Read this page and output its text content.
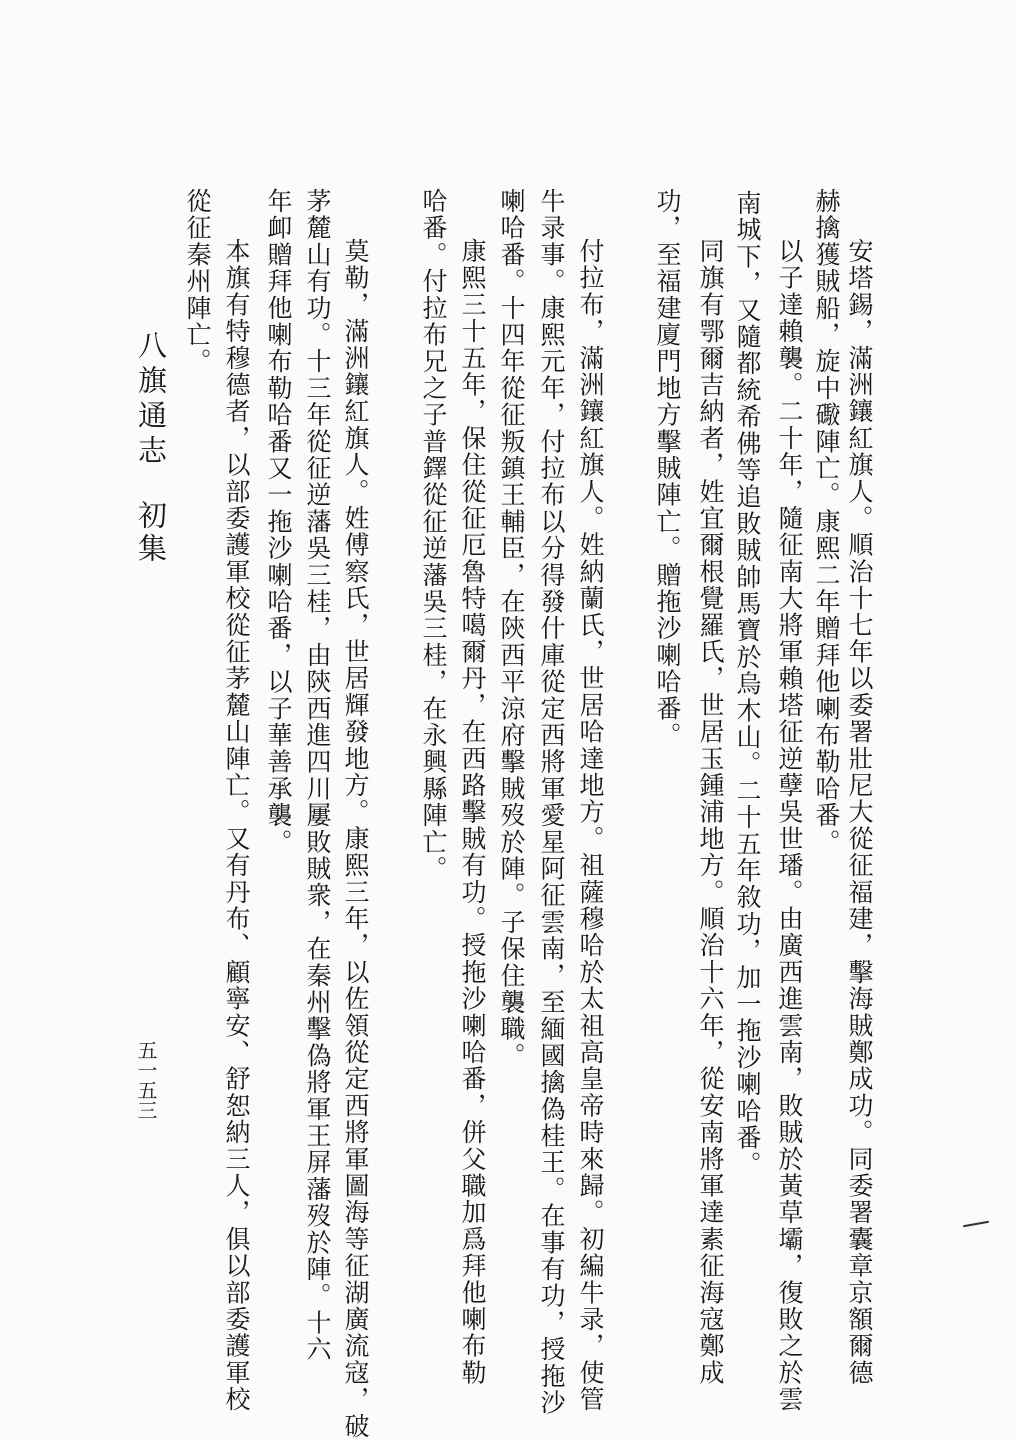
安塔錫，滿洲鑲紅旗人。順治十七年以委署壯尼大從征福建，擊海賊鄭成功。同委署囊章京額爾德
赫擒獲賊船，旋中礮陣亡。康熙二年贈拜他喇布勒哈番。
以子達賴襲。二十年，隨征南大將軍賴塔征逆孽吳世璠。由廣西進雲南，敗賊於黃草壩，復敗之於雲
南城下，又隨都統希佛等追敗賊帥馬寶於烏木山。二十五年敘功，加一拖沙喇哈番。
同旗有鄂爾吉納者，姓宜爾根覺羅氏，世居玉鍾浦地方。順治十六年，從安南將軍達素征海寇鄭成
功，至福建廈門地方擊賊陣亡。贈拖沙喇哈番。
付拉布，滿洲鑲紅旗人。姓納蘭氏，世居哈達地方。祖薩穆哈於太祖高皇帝時來歸。初編牛录，使管
牛录事。康熙元年，付拉布以分得發什庫從定西將軍愛星阿征雲南，至緬國擒偽桂王。在事有功，授拖沙
喇哈番。十四年從征叛鎮王輔臣，在陝西平涼府擊賊歿於陣。子保住襲職。
康熙三十五年，保住從征厄魯特噶爾丹，在西路擊賊有功。授拖沙喇哈番，併父職加爲拜他喇布勒
哈番。付拉布兄之子普鐸從征逆藩吳三桂，在永興縣陣亡。
莫勒，滿洲鑲紅旗人。姓傅察氏，世居輝發地方。康熙三年，以佐領從定西將軍圖海等征湖廣流寇，破
茅麓山有功。十三年從征逆藩吳三桂，由陝西進四川屢敗賊衆，在秦州擊偽將軍王屏藩歿於陣。十六
年卹贈拜他喇布勒哈番又一拖沙喇哈番，以子華善承襲。
本旗有特穆德者，以部委護軍校從征茅麓山陣亡。又有丹布、顧寧安、舒恕納三人，俱以部委護軍校
從征秦州陣亡。
八旗通志
初集
五一五三
